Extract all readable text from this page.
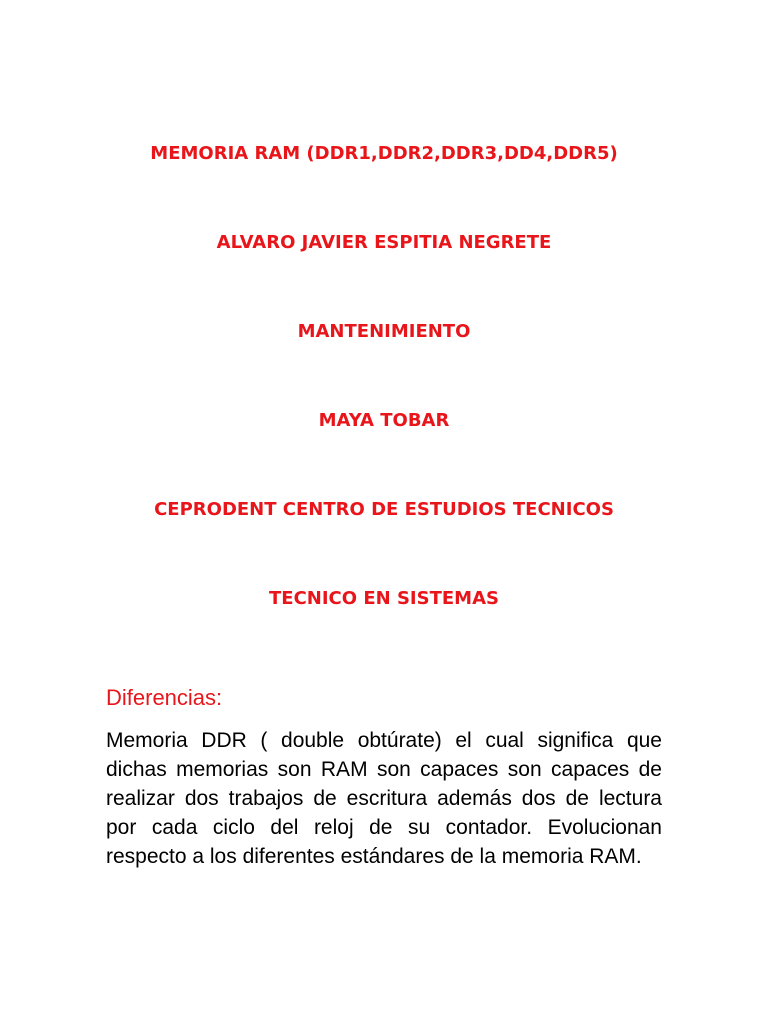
MEMORIA RAM (DDR1,DDR2,DDR3,DD4,DDR5)
ALVARO JAVIER ESPITIA NEGRETE
MANTENIMIENTO
MAYA TOBAR
CEPRODENT CENTRO DE ESTUDIOS TECNICOS
TECNICO EN SISTEMAS
Diferencias:

Memoria DDR ( double obtúrate) el cual significa que dichas memorias son RAM son capaces son capaces de realizar dos trabajos de escritura además dos de lectura por cada ciclo del reloj de su contador. Evolucionan respecto a los diferentes estándares de la memoria RAM.
